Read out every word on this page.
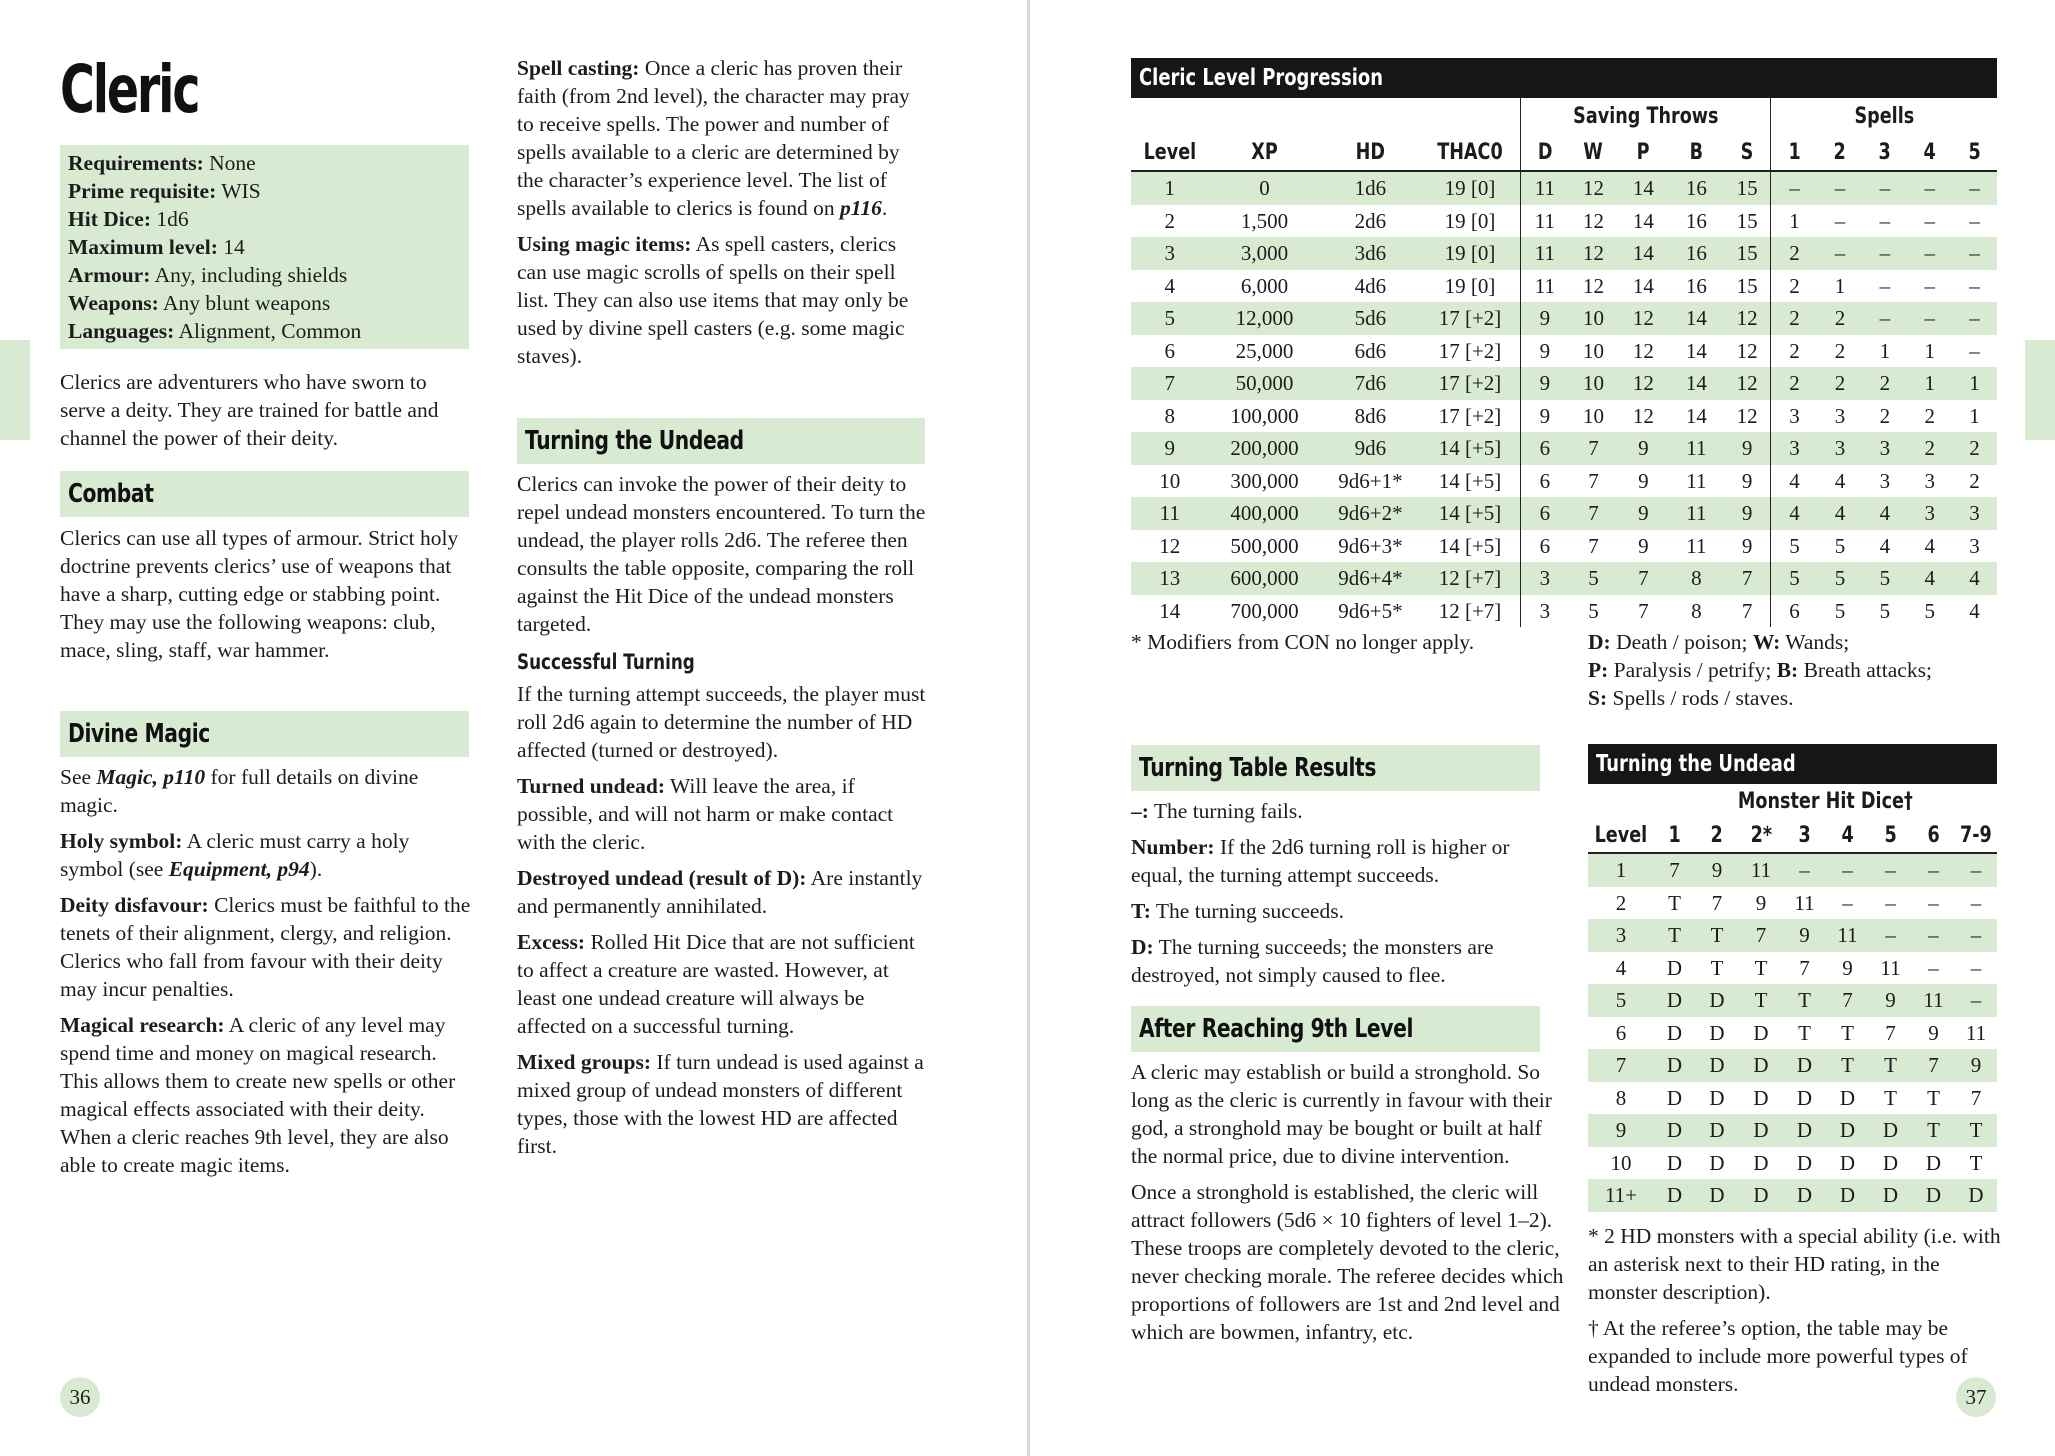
Cleric
Requirements: None
Prime requisite: WIS
Hit Dice: 1d6
Maximum level: 14
Armour: Any, including shields
Weapons: Any blunt weapons
Languages: Alignment, Common

Clerics are adventurers who have sworn to serve a deity. They are trained for battle and channel the power of their deity.

Combat

Clerics can use all types of armour. Strict holy doctrine prevents clerics’ use of weapons that have a sharp, cutting edge or stabbing point. They may use the following weapons: club, mace, sling, staff, war hammer.

Divine Magic

See Magic, p110 for full details on divine magic.

Holy symbol: A cleric must carry a holy symbol (see Equipment, p94).

Deity disfavour: Clerics must be faithful to the tenets of their alignment, clergy, and religion. Clerics who fall from favour with their deity may incur penalties.

Magical research: A cleric of any level may spend time and money on magical research. This allows them to create new spells or other magical effects associated with their deity. When a cleric reaches 9th level, they are also able to create magic items.

36

Spell casting: Once a cleric has proven their faith (from 2nd level), the character may pray to receive spells. The power and number of spells available to a cleric are determined by the character’s experience level. The list of spells available to clerics is found on p116.

Using magic items: As spell casters, clerics can use magic scrolls of spells on their spell list. They can also use items that may only be used by divine spell casters (e.g. some magic staves).

Turning the Undead

Clerics can invoke the power of their deity to repel undead monsters encountered. To turn the undead, the player rolls 2d6. The referee then consults the table opposite, comparing the roll against the Hit Dice of the undead monsters targeted.

Successful Turning

If the turning attempt succeeds, the player must roll 2d6 again to determine the number of HD affected (turned or destroyed).

Turned undead: Will leave the area, if possible, and will not harm or make contact with the cleric.

Destroyed undead (result of D): Are instantly and permanently annihilated.

Excess: Rolled Hit Dice that are not sufficient to affect a creature are wasted. However, at least one undead creature will always be affected on a successful turning.

Mixed groups: If turn undead is used against a mixed group of undead monsters of different types, those with the lowest HD are affected first.

Cleric Level Progression
				Saving Throws					Spells				
Level	XP	HD	THAC0	D	W	P	B	S	1	2	3	4	5
1	0	1d6	19 [0]	11	12	14	16	15	–	–	–	–	–
2	1,500	2d6	19 [0]	11	12	14	16	15	1	–	–	–	–
3	3,000	3d6	19 [0]	11	12	14	16	15	2	–	–	–	–
4	6,000	4d6	19 [0]	11	12	14	16	15	2	1	–	–	–
5	12,000	5d6	17 [+2]	9	10	12	14	12	2	2	–	–	–
6	25,000	6d6	17 [+2]	9	10	12	14	12	2	2	1	1	–
7	50,000	7d6	17 [+2]	9	10	12	14	12	2	2	2	1	1
8	100,000	8d6	17 [+2]	9	10	12	14	12	3	3	2	2	1
9	200,000	9d6	14 [+5]	6	7	9	11	9	3	3	3	2	2
10	300,000	9d6+1*	14 [+5]	6	7	9	11	9	4	4	3	3	2
11	400,000	9d6+2*	14 [+5]	6	7	9	11	9	4	4	4	3	3
12	500,000	9d6+3*	14 [+5]	6	7	9	11	9	5	5	4	4	3
13	600,000	9d6+4*	12 [+7]	3	5	7	8	7	5	5	5	4	4
14	700,000	9d6+5*	12 [+7]	3	5	7	8	7	6	5	5	5	4
* Modifiers from CON no longer apply.	D: Death / poison; W: Wands;
P: Paralysis / petrify; B: Breath attacks;
S: Spells / rods / staves.
Turning Table Results

–: The turning fails.

Number: If the 2d6 turning roll is higher or equal, the turning attempt succeeds.

T: The turning succeeds.

D: The turning succeeds; the monsters are destroyed, not simply caused to flee.

After Reaching 9th Level

A cleric may establish or build a stronghold. So long as the cleric is currently in favour with their god, a stronghold may be bought or built at half the normal price, due to divine intervention.

Once a stronghold is established, the cleric will attract followers (5d6 × 10 fighters of level 1–2). These troops are completely devoted to the cleric, never checking morale. The referee decides which proportions of followers are 1st and 2nd level and which are bowmen, infantry, etc.

Turning the Undead
	Monster Hit Dice†							
Level	1	2	2*	3	4	5	6	7-9
1	7	9	11	–	–	–	–	–
2	T	7	9	11	–	–	–	–
3	T	T	7	9	11	–	–	–
4	D	T	T	7	9	11	–	–
5	D	D	T	T	7	9	11	–
6	D	D	D	T	T	7	9	11
7	D	D	D	D	T	T	7	9
8	D	D	D	D	D	T	T	7
9	D	D	D	D	D	D	T	T
10	D	D	D	D	D	D	D	T
11+	D	D	D	D	D	D	D	D
* 2 HD monsters with a special ability (i.e. with an asterisk next to their HD rating, in the monster description).
† At the referee’s option, the table may be expanded to include more powerful types of undead monsters.
37
